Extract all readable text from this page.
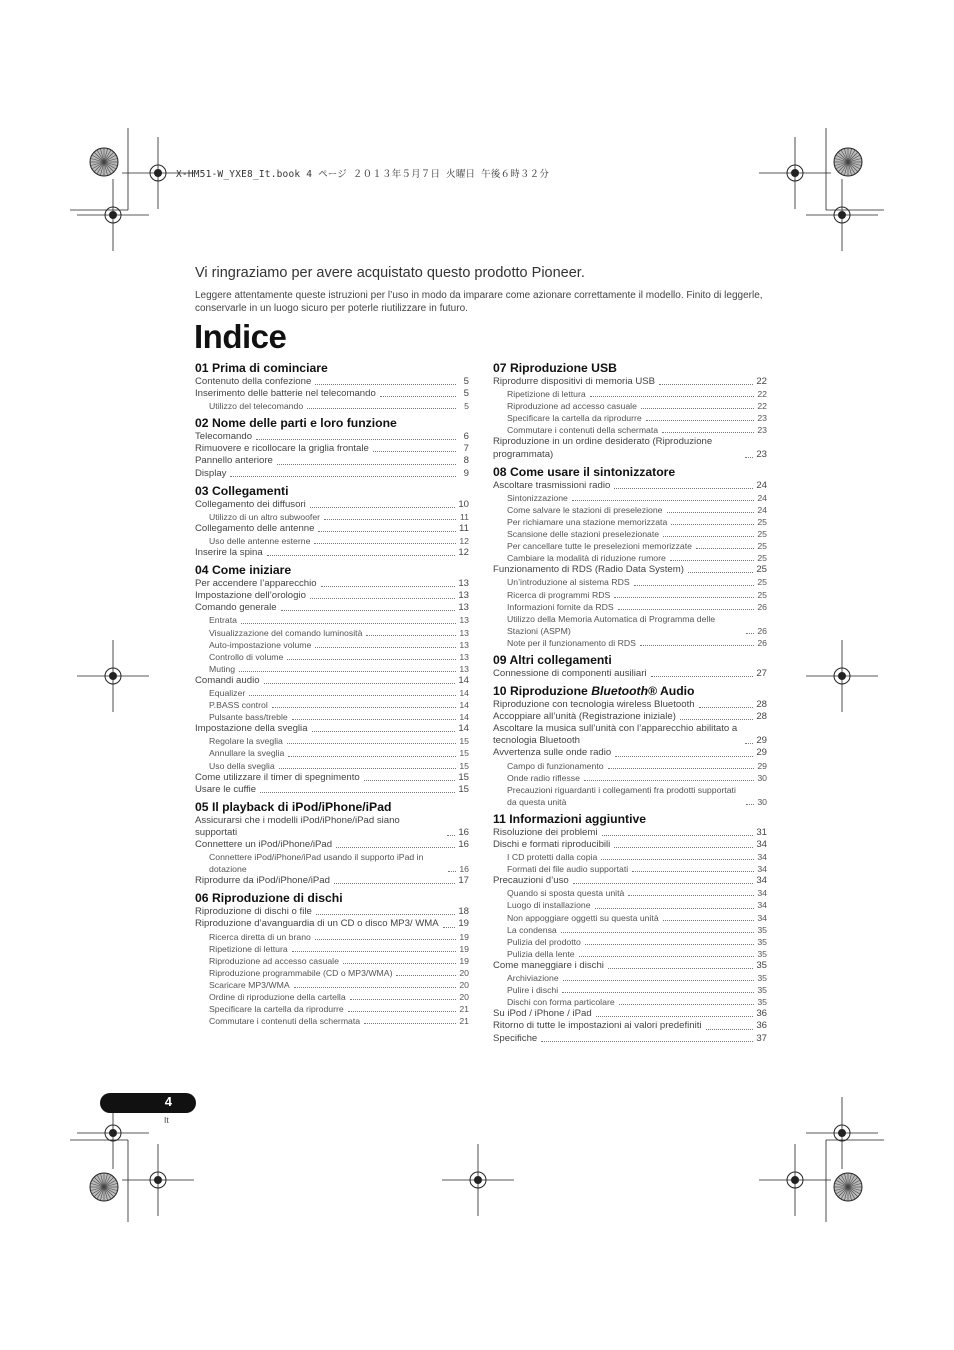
X-HM51-W_YXE8_It.book 4 ページ ２０１３年５月７日 火曜日 午後６時３２分
Vi ringraziamo per avere acquistato questo prodotto Pioneer.
Leggere attentamente queste istruzioni per l’uso in modo da imparare come azionare correttamente il modello. Finito di leggerle, conservarle in un luogo sicuro per poterle riutilizzare in futuro.
Indice
01 Prima di cominciare
Contenuto della confezione	5
Inserimento delle batterie nel telecomando	5
Utilizzo del telecomando	5
02 Nome delle parti e loro funzione
Telecomando	6
Rimuovere e ricollocare la griglia frontale	7
Pannello anteriore	8
Display	9
03 Collegamenti
Collegamento dei diffusori	10
Utilizzo di un altro subwoofer	11
Collegamento delle antenne	11
Uso delle antenne esterne	12
Inserire la spina	12
04 Come iniziare
Per accendere l’apparecchio	13
Impostazione dell’orologio	13
Comando generale	13
Entrata	13
Visualizzazione del comando luminosità	13
Auto-impostazione volume	13
Controllo di volume	13
Muting	13
Comandi audio	14
Equalizer	14
P.BASS control	14
Pulsante bass/treble	14
Impostazione della sveglia	14
Regolare la sveglia	15
Annullare la sveglia	15
Uso della sveglia	15
Come utilizzare il timer di spegnimento	15
Usare le cuffie	15
05 Il playback di iPod/iPhone/iPad
Assicurarsi che i modelli iPod/iPhone/iPad siano supportati	16
Connettere un iPod/iPhone/iPad	16
Connettere iPod/iPhone/iPad usando il supporto iPad in dotazione	16
Riprodurre da iPod/iPhone/iPad	17
06 Riproduzione di dischi
Riproduzione di dischi o file	18
Riproduzione d’avanguardia di un CD o disco MP3/ WMA 19
Ricerca diretta di un brano	19
Ripetizione di lettura	19
Riproduzione ad accesso casuale	19
Riproduzione programmabile (CD o MP3/WMA)	20
Scaricare MP3/WMA	20
Ordine di riproduzione della cartella	20
Specificare la cartella da riprodurre	21
Commutare i contenuti della schermata	21
07 Riproduzione USB
Riprodurre dispositivi di memoria USB	22
Ripetizione di lettura	22
Riproduzione ad accesso casuale	22
Specificare la cartella da riprodurre	23
Commutare i contenuti della schermata	23
Riproduzione in un ordine desiderato (Riproduzione programmata)	23
08 Come usare il sintonizzatore
Ascoltare trasmissioni radio	24
Sintonizzazione	24
Come salvare le stazioni di preselezione	24
Per richiamare una stazione memorizzata	25
Scansione delle stazioni preselezionate	25
Per cancellare tutte le preselezioni memorizzate	25
Cambiare la modalità di riduzione rumore	25
Funzionamento di RDS (Radio Data System)	25
Un’introduzione al sistema RDS	25
Ricerca di programmi RDS	25
Informazioni fornite da RDS	26
Utilizzo della Memoria Automatica di Programma delle Stazioni (ASPM)	26
Note per il funzionamento di RDS	26
09 Altri collegamenti
Connessione di componenti ausiliari	27
10 Riproduzione Bluetooth® Audio
Riproduzione con tecnologia wireless Bluetooth	28
Accoppiare all’unità (Registrazione iniziale)	28
Ascoltare la musica sull’unità con l’apparecchio abilitato a tecnologia Bluetooth	29
Avvertenza sulle onde radio	29
Campo di funzionamento	29
Onde radio riflesse	30
Precauzioni riguardanti i collegamenti fra prodotti supportati da questa unità	30
11 Informazioni aggiuntive
Risoluzione dei problemi	31
Dischi e formati riproducibili	34
I CD protetti dalla copia	34
Formati dei file audio supportati	34
Precauzioni d’uso	34
Quando si sposta questa unità	34
Luogo di installazione	34
Non appoggiare oggetti su questa unità	34
La condensa	35
Pulizia del prodotto	35
Pulizia della lente	35
Come maneggiare i dischi	35
Archiviazione	35
Pulire i dischi	35
Dischi con forma particolare	35
Su iPod / iPhone / iPad	36
Ritorno di tutte le impostazioni ai valori predefiniti	36
Specifiche	37
4
It
